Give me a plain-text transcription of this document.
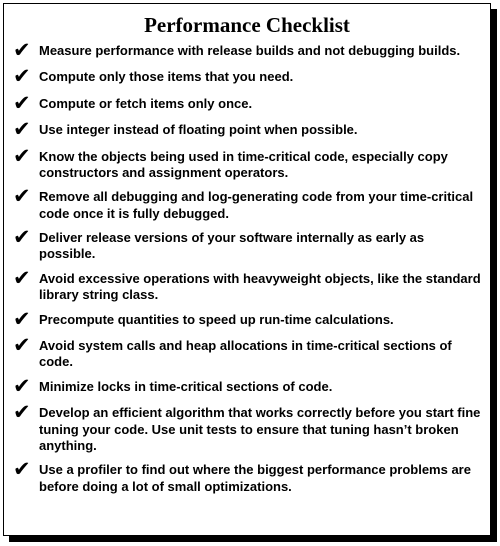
Performance Checklist
✔ Measure performance with release builds and not debugging builds.
✔ Compute only those items that you need.
✔ Compute or fetch items only once.
✔ Use integer instead of floating point when possible.
✔ Know the objects being used in time-critical code, especially copy constructors and assignment operators.
✔ Remove all debugging and log-generating code from your time-critical code once it is fully debugged.
✔ Deliver release versions of your software internally as early as possible.
✔ Avoid excessive operations with heavyweight objects, like the standard library string class.
✔ Precompute quantities to speed up run-time calculations.
✔ Avoid system calls and heap allocations in time-critical sections of code.
✔ Minimize locks in time-critical sections of code.
✔ Develop an efficient algorithm that works correctly before you start fine tuning your code. Use unit tests to ensure that tuning hasn’t broken anything.
✔ Use a profiler to find out where the biggest performance problems are before doing a lot of small optimizations.
